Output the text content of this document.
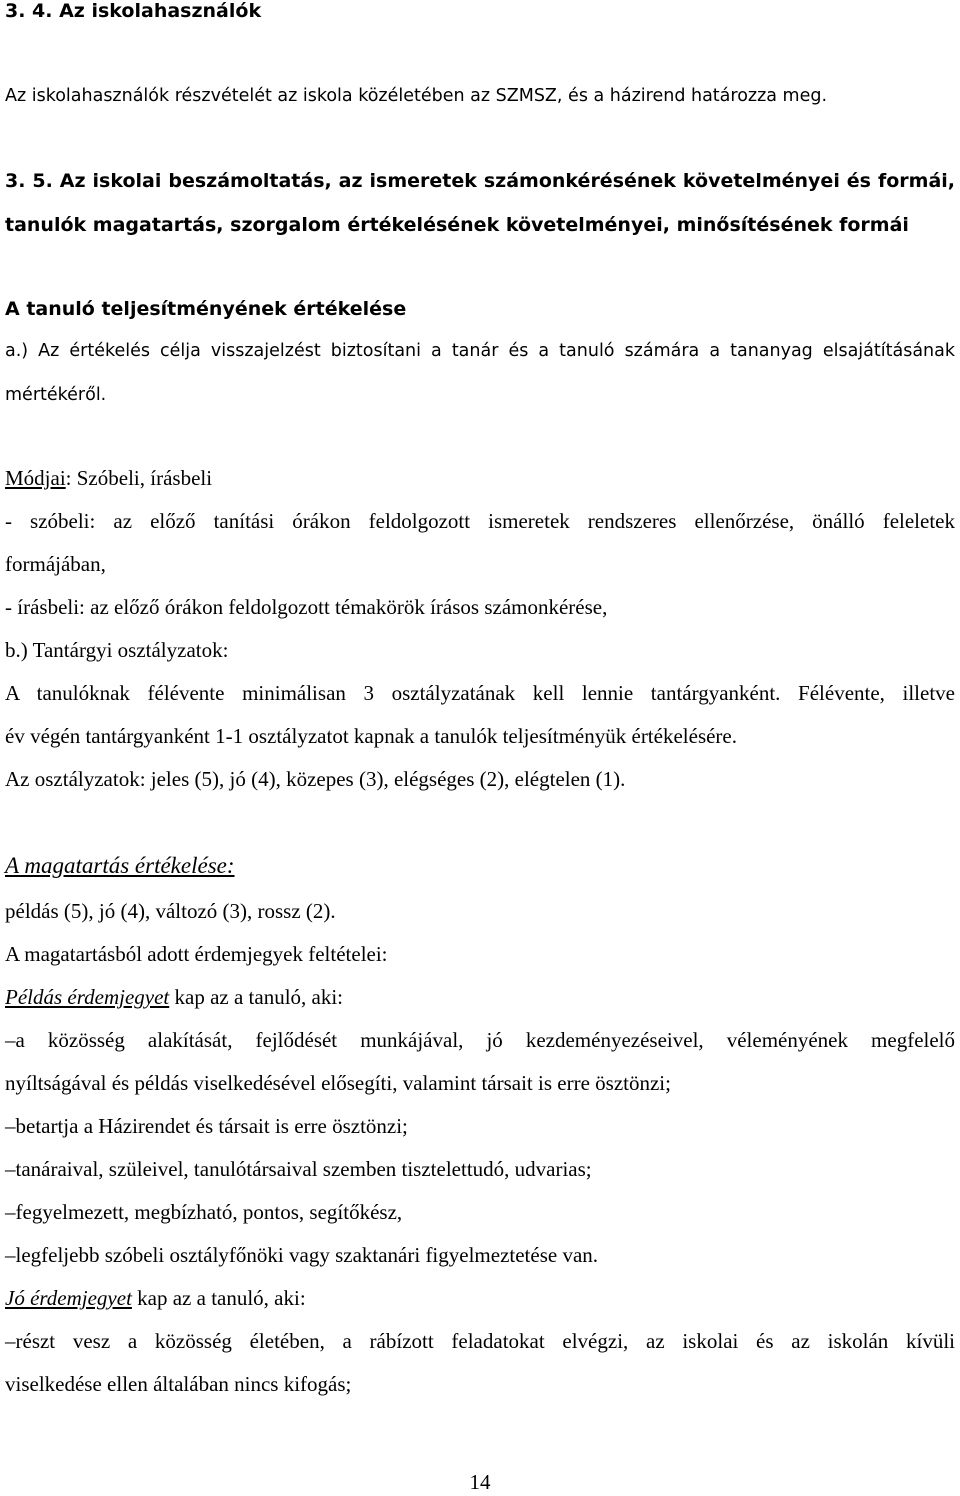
3. 4. Az iskolahasználók
Az iskolahasználók részvételét az iskola közéletében az SZMSZ, és a házirend határozza meg.
3. 5. Az iskolai beszámoltatás, az ismeretek számonkérésének követelményei és formái,
tanulók magatartás, szorgalom értékelésének követelményei, minősítésének formái
A tanuló teljesítményének értékelése
a.) Az értékelés célja visszajelzést biztosítani a tanár és a tanuló számára a tananyag elsajátításának
mértékéről.
Módjai: Szóbeli, írásbeli
- szóbeli: az előző tanítási órákon feldolgozott ismeretek rendszeres ellenőrzése, önálló feleletek
formájában,
- írásbeli: az előző órákon feldolgozott témakörök írásos számonkérése,
b.) Tantárgyi osztályzatok:
A tanulóknak félévente minimálisan 3 osztályzatának kell lennie tantárgyanként. Félévente, illetve
év végén tantárgyanként 1-1 osztályzatot kapnak a tanulók teljesítményük értékelésére.
Az osztályzatok: jeles (5), jó (4), közepes (3), elégséges (2), elégtelen (1).
A magatartás értékelése:
példás (5), jó (4), változó (3), rossz (2).
A magatartásból adott érdemjegyek feltételei:
Példás érdemjegyet kap az a tanuló, aki:
–a közösség alakítását, fejlődését munkájával, jó kezdeményezéseivel, véleményének megfelelő
nyíltságával és példás viselkedésével elősegíti, valamint társait is erre ösztönzi;
–betartja a Házirendet és társait is erre ösztönzi;
–tanáraival, szüleivel, tanulótársaival szemben tisztelettudó, udvarias;
–fegyelmezett, megbízható, pontos, segítőkész,
–legfeljebb szóbeli osztályfőnöki vagy szaktanári figyelmeztetése van.
Jó érdemjegyet kap az a tanuló, aki:
–részt vesz a közösség életében, a rábízott feladatokat elvégzi, az iskolai és az iskolán kívüli
viselkedése ellen általában nincs kifogás;
14
